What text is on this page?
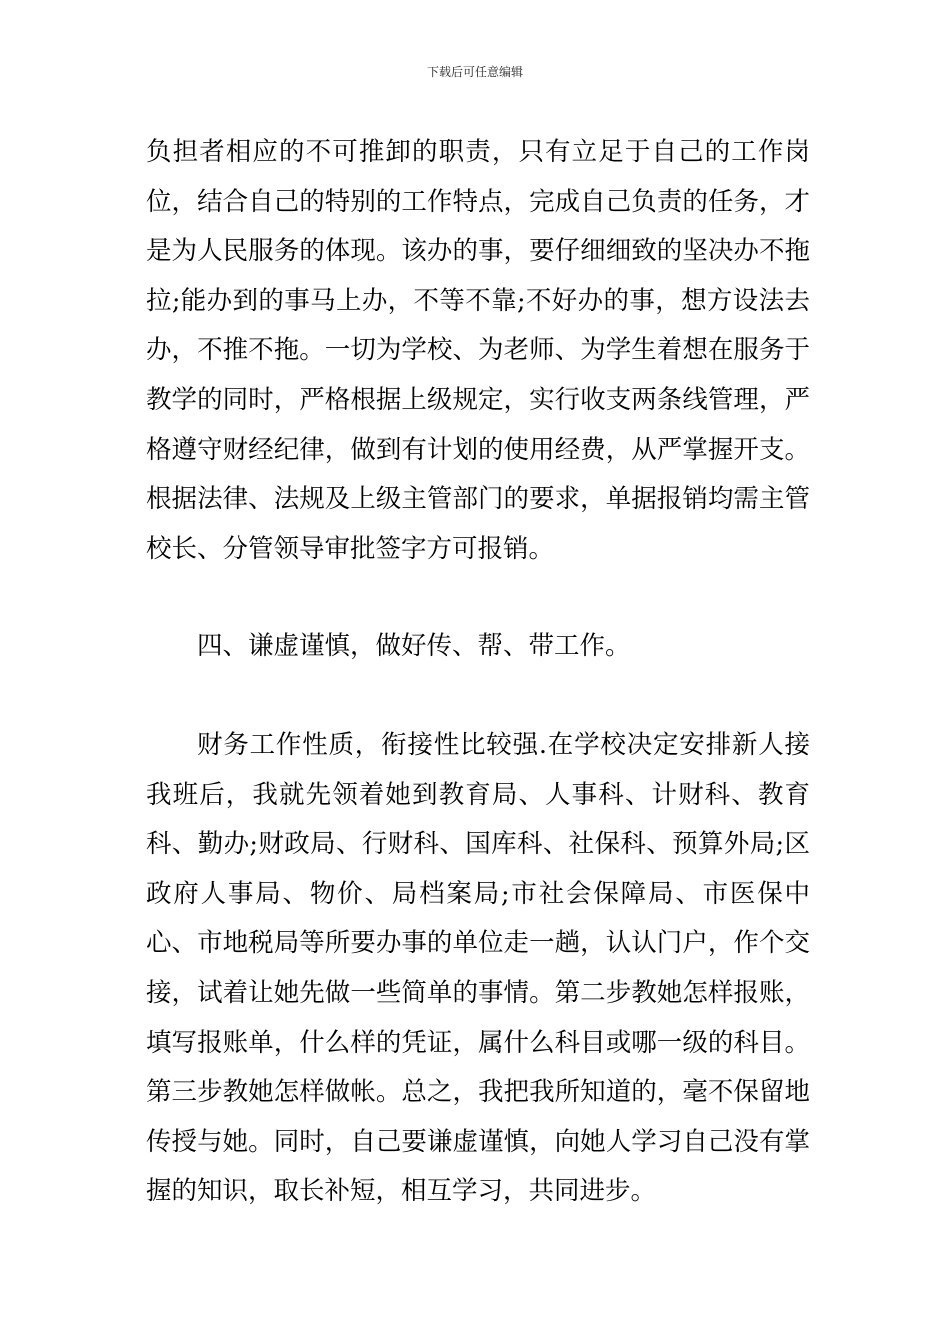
下载后可任意编辑

负担者相应的不可推卸的职责，只有立足于自己的工作岗位，结合自己的特别的工作特点，完成自己负责的任务，才是为人民服务的体现。该办的事，要仔细细致的坚决办不拖拉;能办到的事马上办，不等不靠;不好办的事，想方设法去办，不推不拖。一切为学校、为老师、为学生着想在服务于教学的同时，严格根据上级规定，实行收支两条线管理，严格遵守财经纪律，做到有计划的使用经费，从严掌握开支。根据法律、法规及上级主管部门的要求，单据报销均需主管校长、分管领导审批签字方可报销。

四、谦虚谨慎，做好传、帮、带工作。

财务工作性质，衔接性比较强.在学校决定安排新人接我班后，我就先领着她到教育局、人事科、计财科、教育科、勤办;财政局、行财科、国库科、社保科、预算外局;区政府人事局、物价、局档案局;市社会保障局、市医保中心、市地税局等所要办事的单位走一趟，认认门户，作个交接，试着让她先做一些简单的事情。第二步教她怎样报账，填写报账单，什么样的凭证，属什么科目或哪一级的科目。第三步教她怎样做帐。总之，我把我所知道的，毫不保留地传授与她。同时，自己要谦虚谨慎，向她人学习自己没有掌握的知识，取长补短，相互学习，共同进步。
